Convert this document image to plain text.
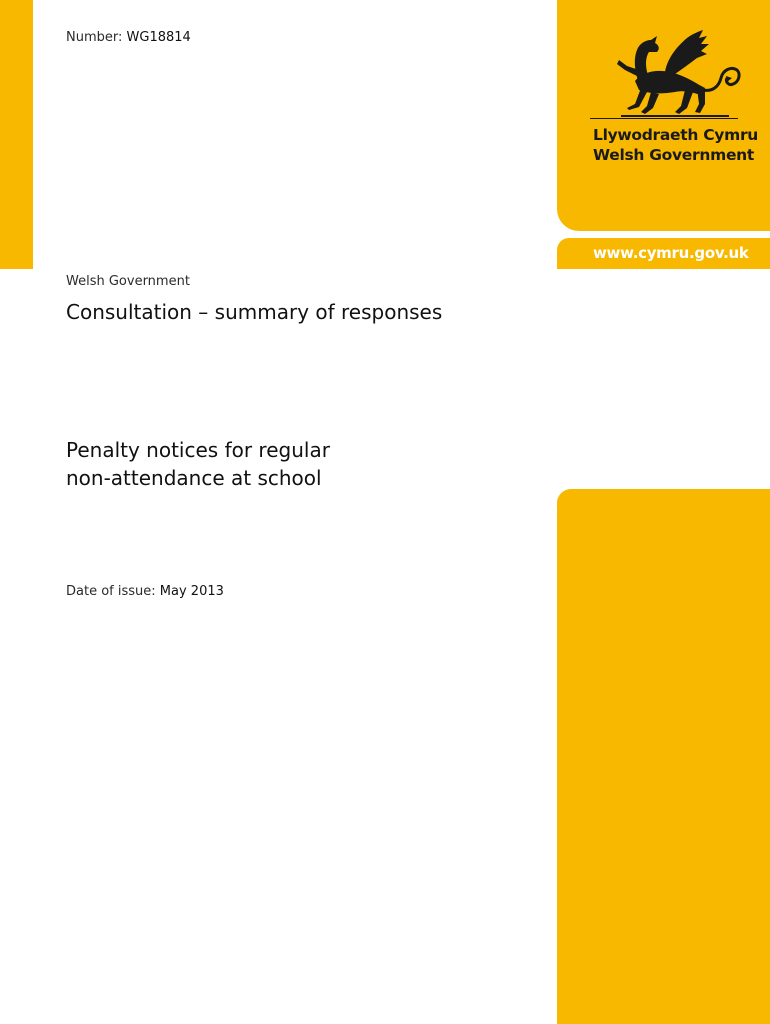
Llywodraeth Cymru
Welsh Government
www.cymru.gov.uk
Number: WG18814
Welsh Government
Consultation – summary of responses
Penalty notices for regular
non-attendance at school
Date of issue: May 2013
